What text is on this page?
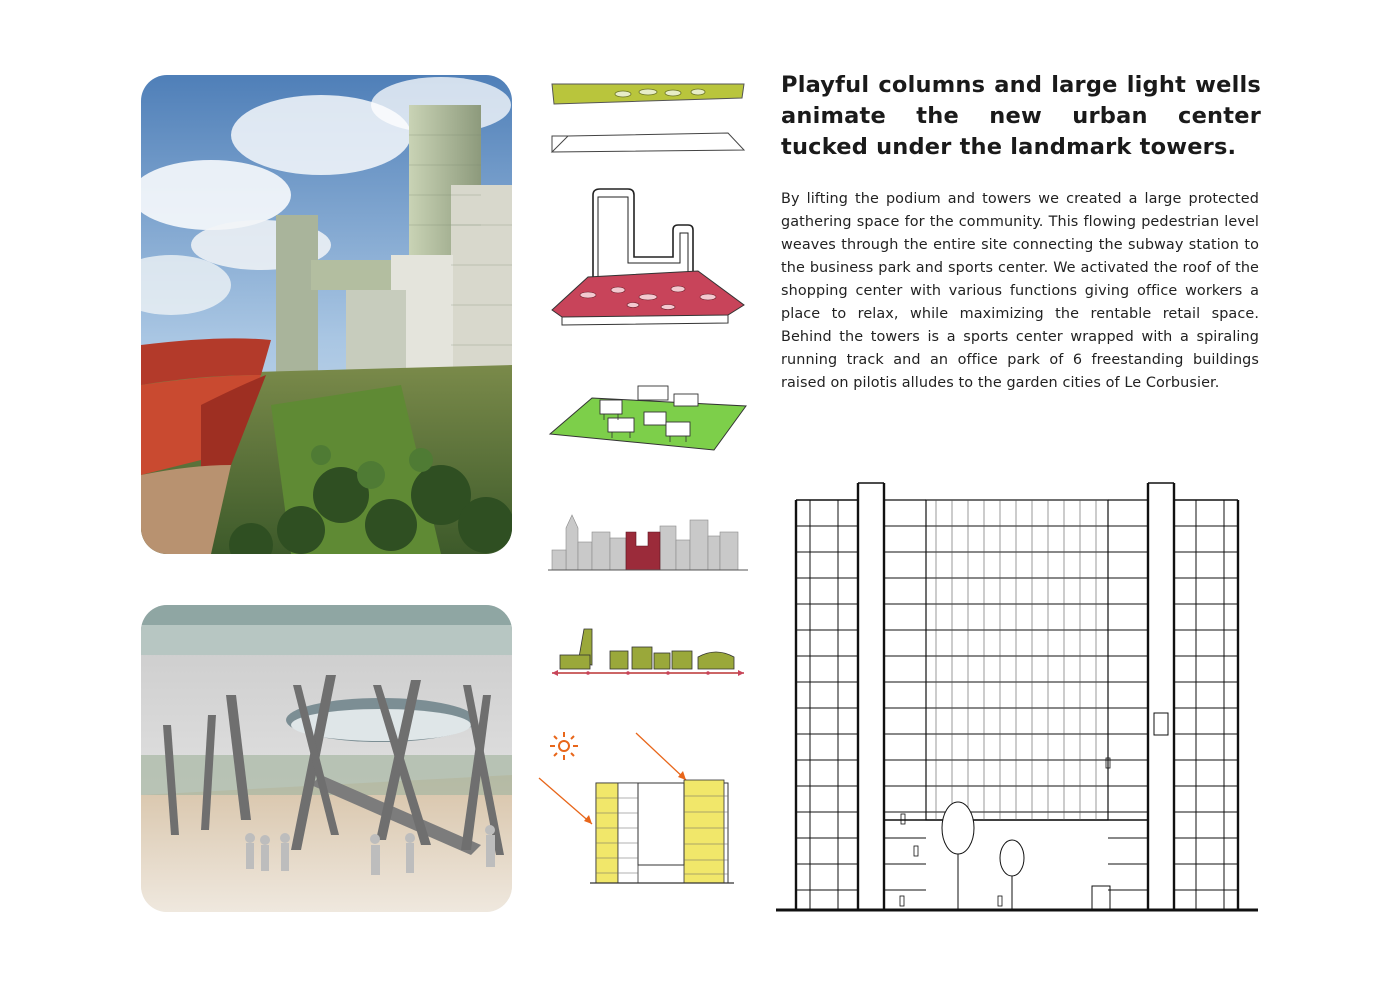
Playful columns and large light wells animate the new urban center tucked under the landmark towers.

By lifting the podium and towers we created a large protected gathering space for the community. This flowing pedestrian level weaves through the entire site connecting the subway station to the business park and sports center. We activated the roof of the shopping center with various functions giving office workers a place to relax, while maximizing the rentable retail space. Behind the towers is a sports center wrapped with a spiraling running track and an office park of 6 freestanding buildings raised on pilotis alludes to the garden cities of Le Corbusier.
